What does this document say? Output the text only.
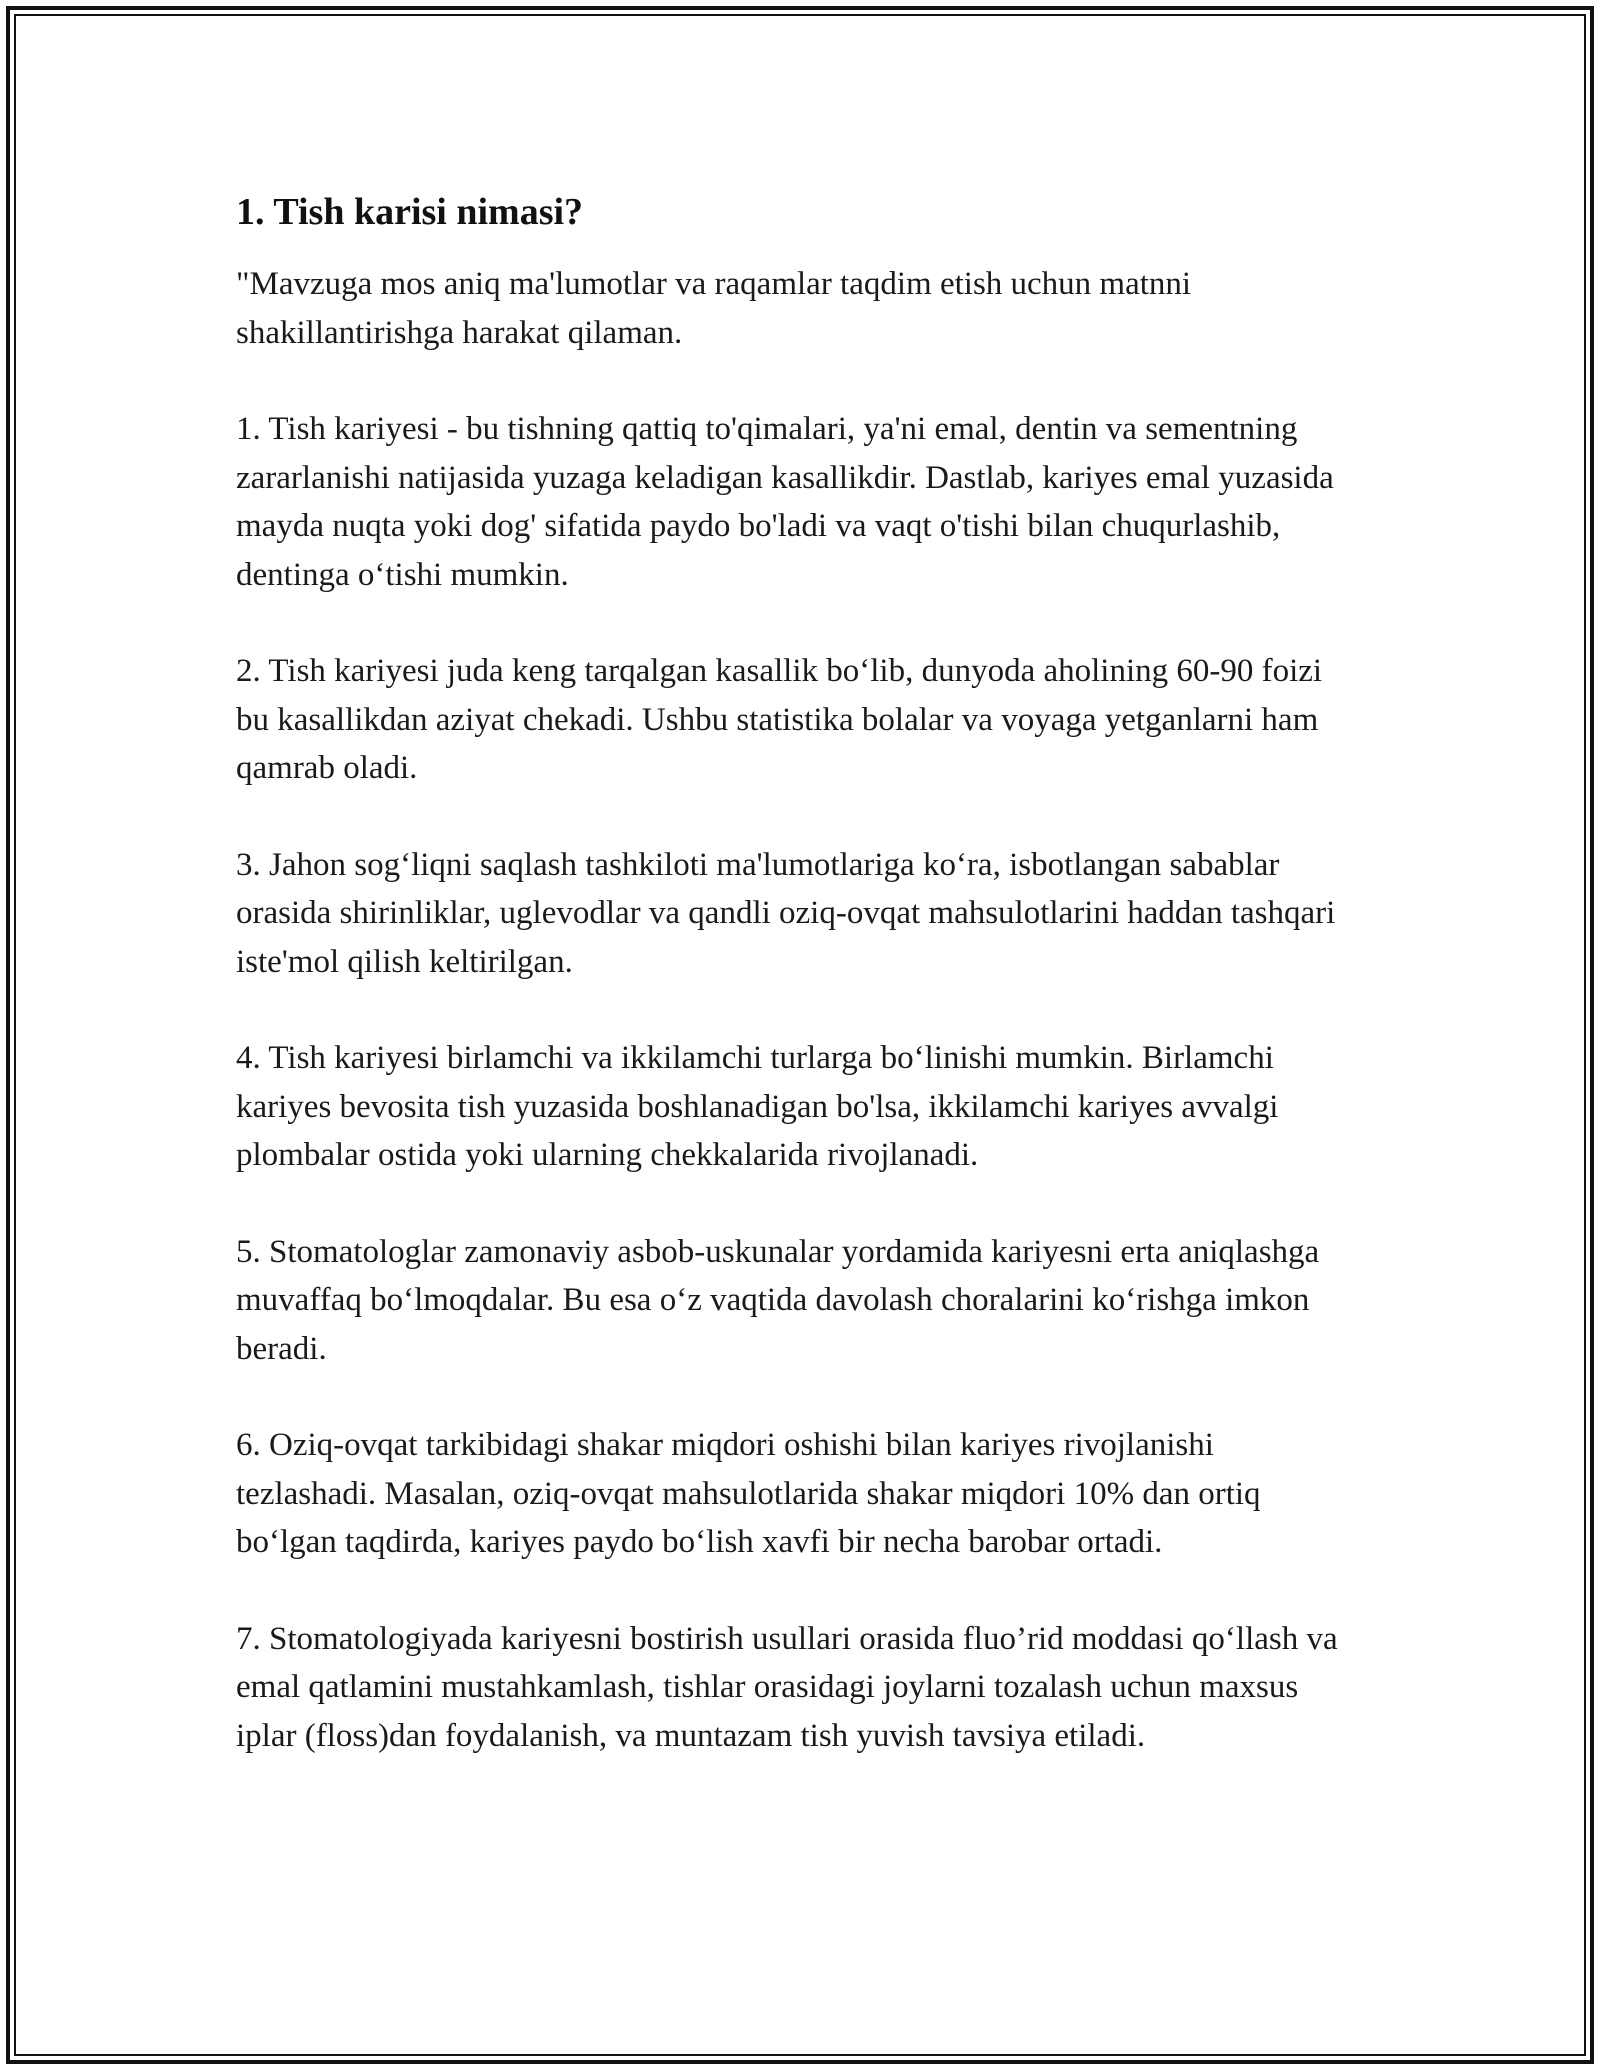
1. Tish karisi nimasi?

"Mavzuga mos aniq ma'lumotlar va raqamlar taqdim etish uchun matnni shakillantirishga harakat qilaman.

1. Tish kariyesi - bu tishning qattiq to'qimalari, ya'ni emal, dentin va sementning zararlanishi natijasida yuzaga keladigan kasallikdir. Dastlab, kariyes emal yuzasida mayda nuqta yoki dog' sifatida paydo bo'ladi va vaqt o'tishi bilan chuqurlashib, dentinga o‘tishi mumkin.

2. Tish kariyesi juda keng tarqalgan kasallik bo‘lib, dunyoda aholining 60-90 foizi bu kasallikdan aziyat chekadi. Ushbu statistika bolalar va voyaga yetganlarni ham qamrab oladi.

3. Jahon sog‘liqni saqlash tashkiloti ma'lumotlariga ko‘ra, isbotlangan sabablar orasida shirinliklar, uglevodlar va qandli oziq-ovqat mahsulotlarini haddan tashqari iste'mol qilish keltirilgan.

4. Tish kariyesi birlamchi va ikkilamchi turlarga bo‘linishi mumkin. Birlamchi kariyes bevosita tish yuzasida boshlanadigan bo'lsa, ikkilamchi kariyes avvalgi plombalar ostida yoki ularning chekkalarida rivojlanadi.

5. Stomatologlar zamonaviy asbob-uskunalar yordamida kariyesni erta aniqlashga muvaffaq bo‘lmoqdalar. Bu esa o‘z vaqtida davolash choralarini ko‘rishga imkon beradi.

6. Oziq-ovqat tarkibidagi shakar miqdori oshishi bilan kariyes rivojlanishi tezlashadi. Masalan, oziq-ovqat mahsulotlarida shakar miqdori 10% dan ortiq bo‘lgan taqdirda, kariyes paydo bo‘lish xavfi bir necha barobar ortadi.

7. Stomatologiyada kariyesni bostirish usullari orasida fluo’rid moddasi qo‘llash va emal qatlamini mustahkamlash, tishlar orasidagi joylarni tozalash uchun maxsus iplar (floss)dan foydalanish, va muntazam tish yuvish tavsiya etiladi.
